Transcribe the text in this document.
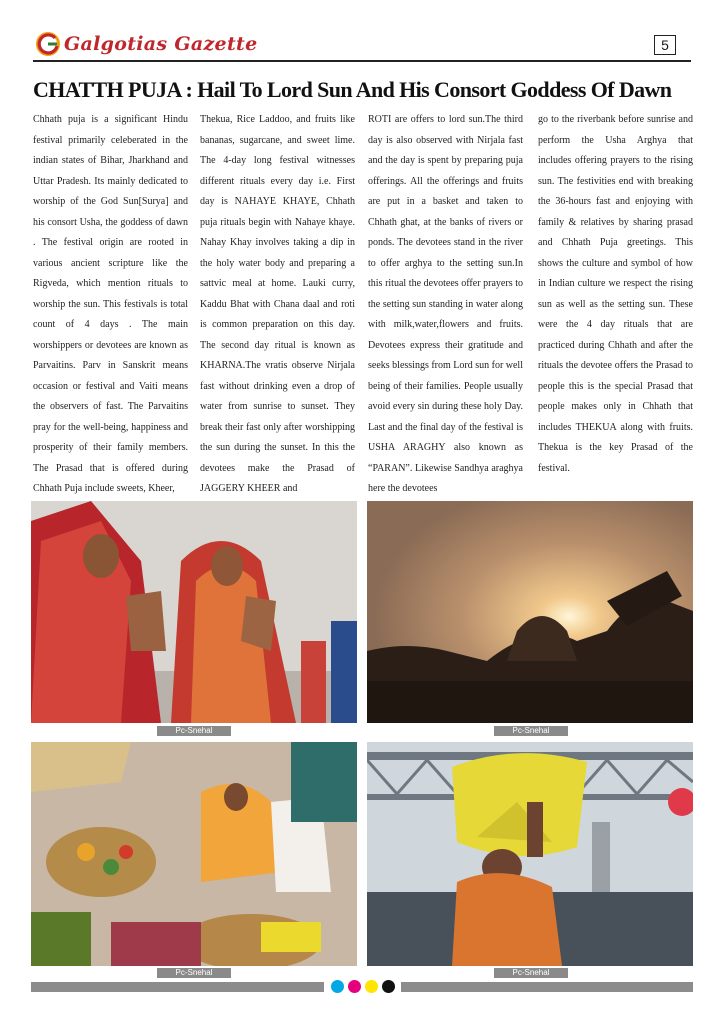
Galgotias Gazette	5
CHATTH PUJA : Hail To Lord Sun And His Consort Goddess Of Dawn
Chhath puja is a significant Hindu festival primarily celeberated in the indian states of Bihar, Jharkhand and Uttar Pradesh. Its mainly dedicated to worship of the God Sun[Surya] and his consort Usha, the goddess of dawn . The festival origin are rooted in various ancient scripture like the Rigveda, which mention rituals to worship the sun. This festivals is total count of 4 days . The main worshippers or devotees are known as Parvaitins. Parv in Sanskrit means occasion or festival and Vaiti means the observers of fast. The Parvaitins pray for the well-being, happiness and prosperity of their family members. The Prasad that is offered during Chhath Puja include sweets, Kheer,
Thekua, Rice Laddoo, and fruits like bananas, sugarcane, and sweet lime. The 4-day long festival witnesses different rituals every day i.e. First day is NAHAYE KHAYE, Chhath puja rituals begin with Nahaye khaye. Nahay Khay involves taking a dip in the holy water body and preparing a sattvic meal at home. Lauki curry, Kaddu Bhat with Chana daal and roti is common preparation on this day. The second day ritual is known as KHARNA.The vratis observe Nirjala fast without drinking even a drop of water from sunrise to sunset. They break their fast only after worshipping the sun during the sunset. In this the devotees make the Prasad of JAGGERY KHEER and
ROTI are offers to lord sun.The third day is also observed with Nirjala fast and the day is spent by preparing puja offerings. All the offerings and fruits are put in a basket and taken to Chhath ghat, at the banks of rivers or ponds. The devotees stand in the river to offer arghya to the setting sun.In this ritual the devotees offer prayers to the setting sun standing in water along with milk,water,flowers and fruits. Devotees express their gratitude and seeks blessings from Lord sun for well being of their families. People usually avoid every sin during these holy Day. Last and the final day of the festival is USHA ARAGHY also known as “PARAN”. Likewise Sandhya araghya here the devotees
go to the riverbank before sunrise and perform the Usha Arghya that includes offering prayers to the rising sun. The festivities end with breaking the 36-hours fast and enjoying with family & relatives by sharing prasad and Chhath Puja greetings. This shows the culture and symbol of how in Indian culture we respect the rising sun as well as the setting sun. These were the 4 day rituals that are practiced during Chhath and after the rituals the devotee offers the Prasad to people this is the special Prasad that people makes only in Chhath that includes THEKUA along with fruits. Thekua is the key Prasad of the festival.
Pc-Snehal	Pc-Snehal
Pc-Snehal	Pc-Snehal
